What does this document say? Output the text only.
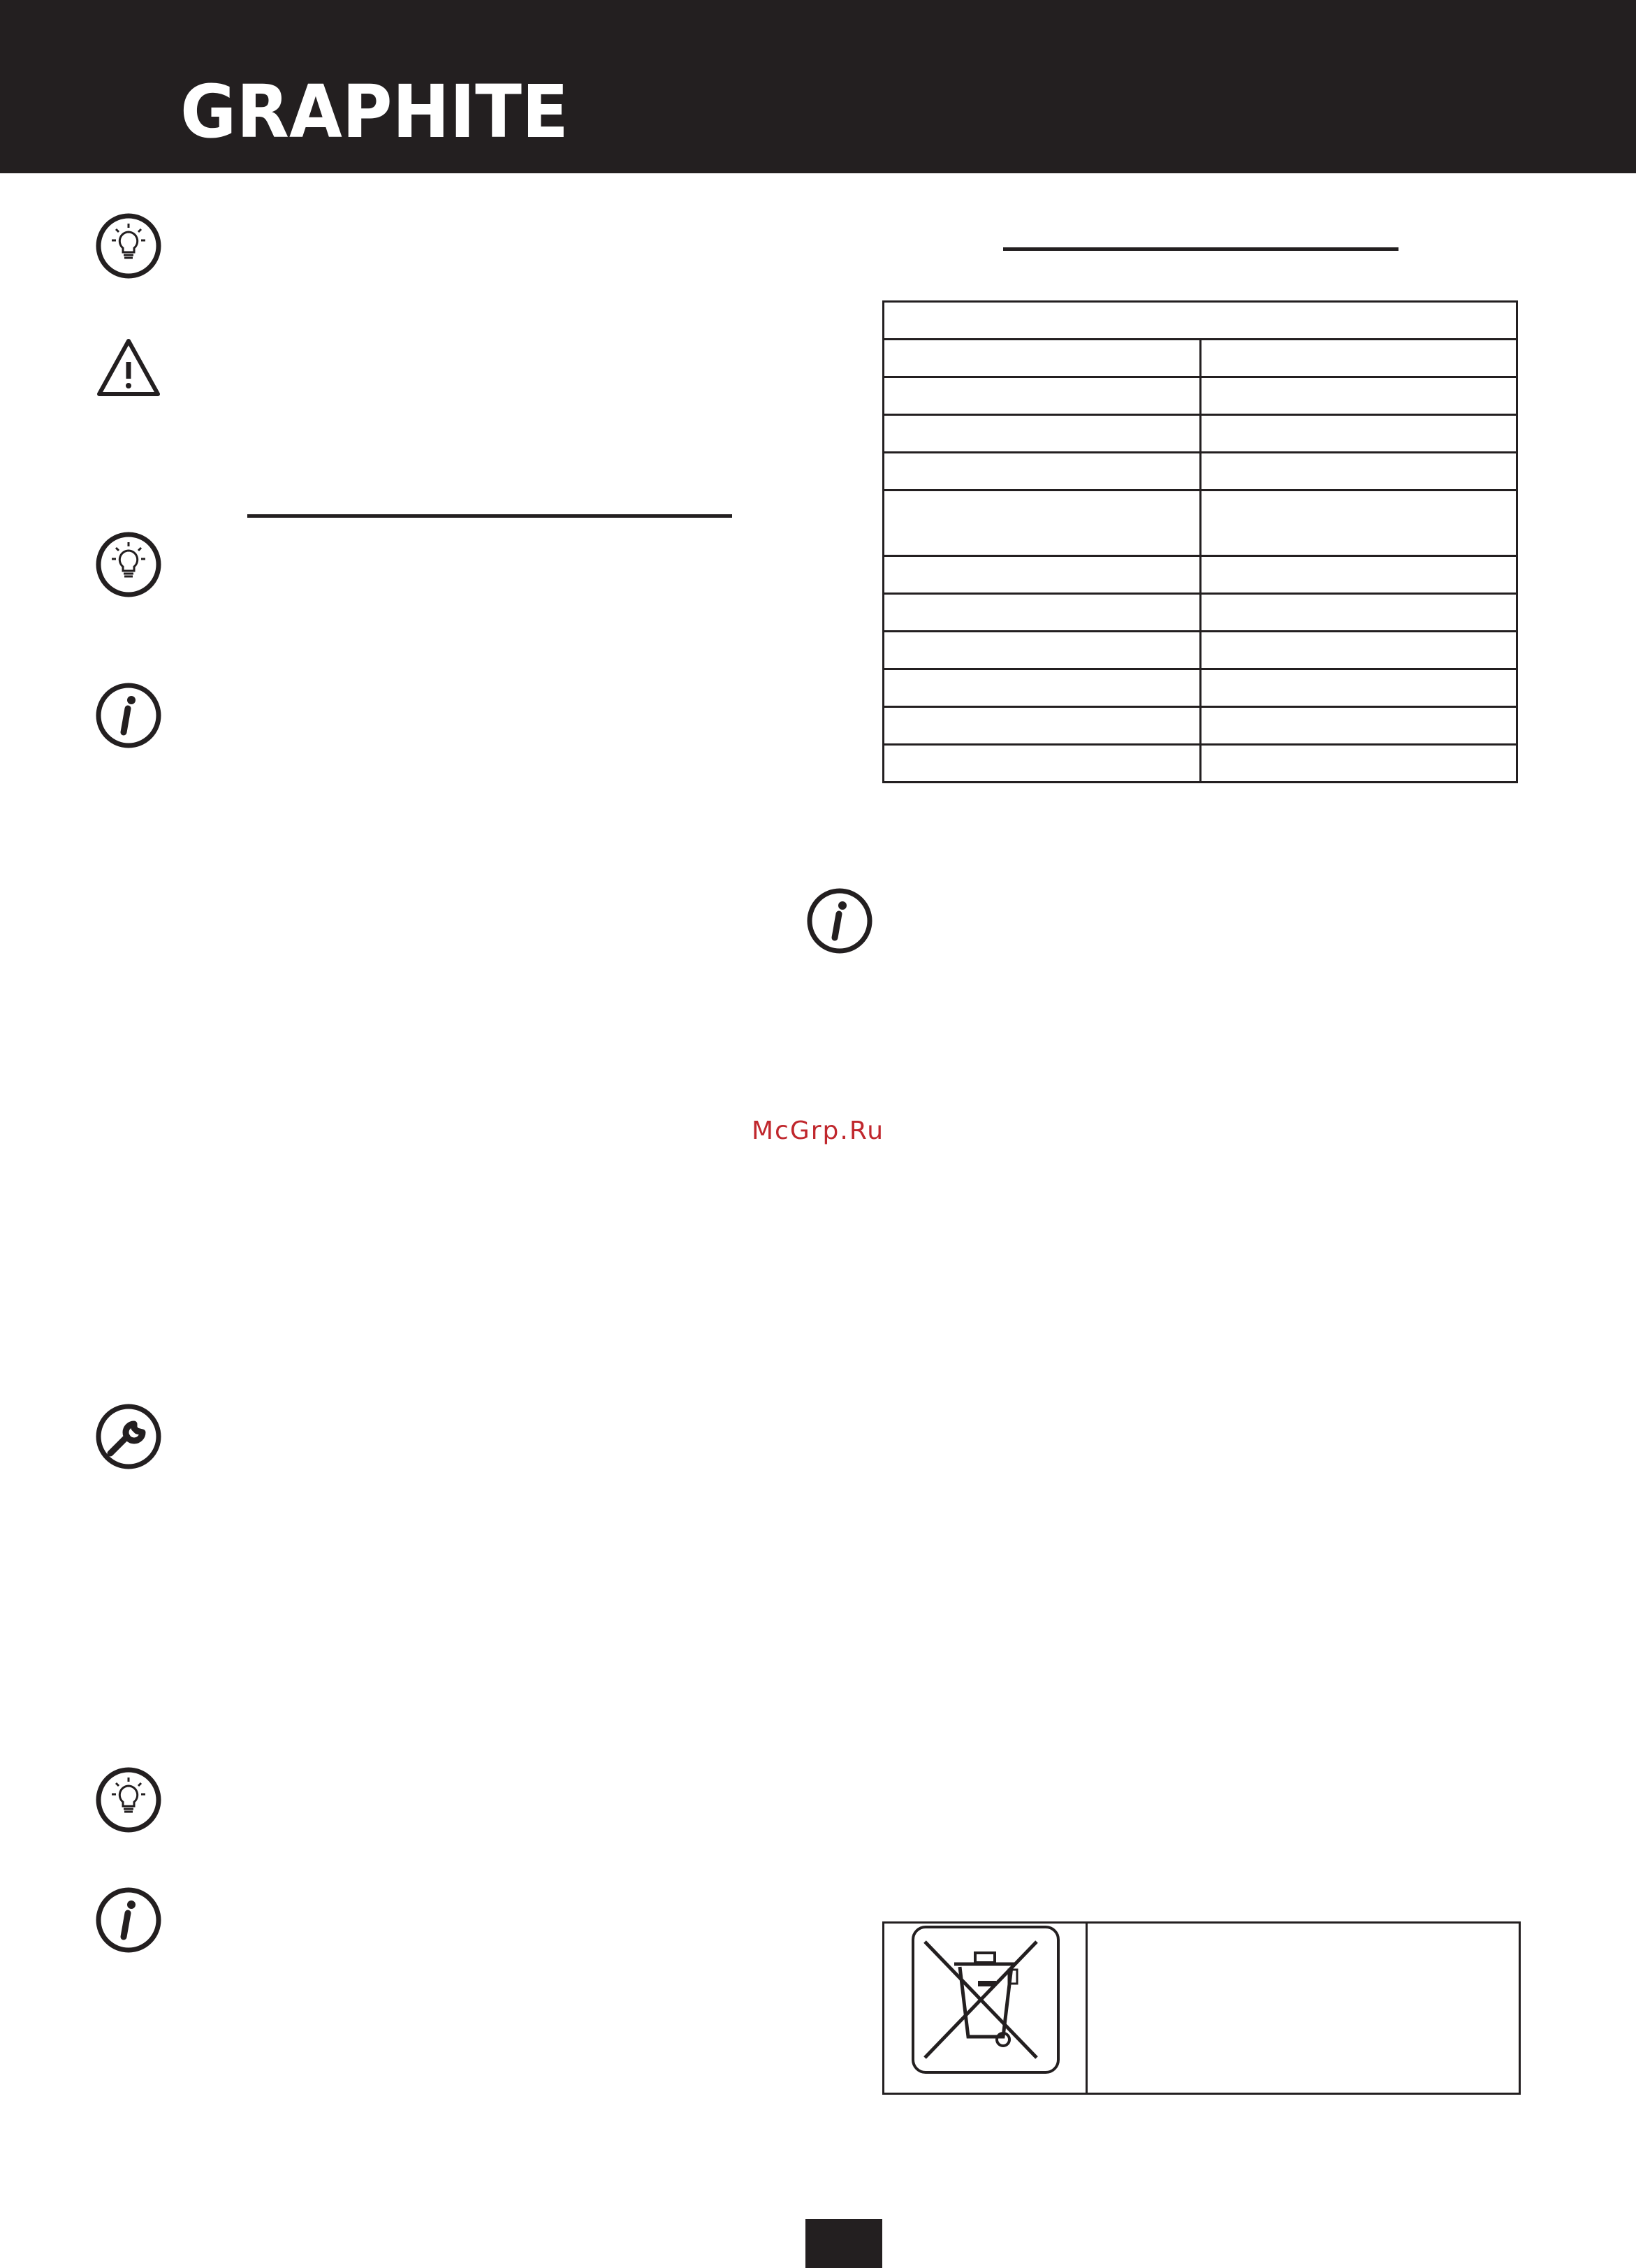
GRAPHITE

McGrp.Ru
